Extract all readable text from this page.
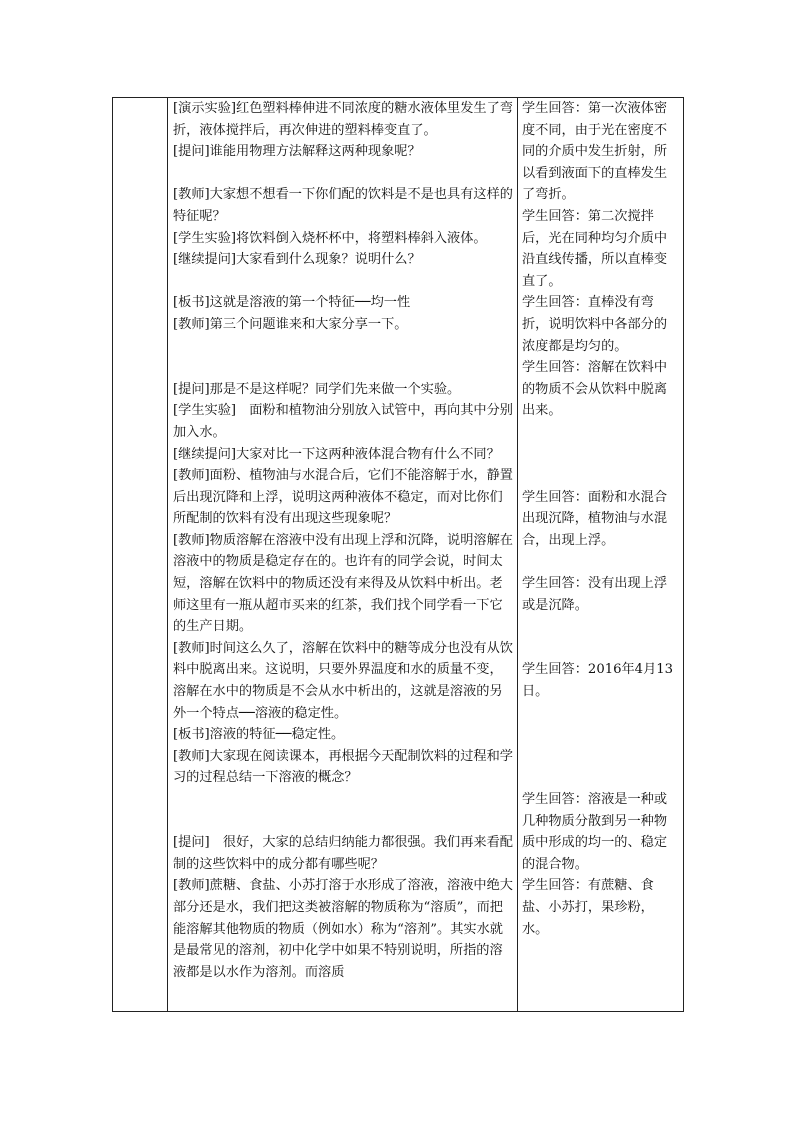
[演示实验]红色塑料棒伸进不同浓度的糖水液体里发生了弯折，液体搅拌后，再次伸进的塑料棒变直了。

[提问]谁能用物理方法解释这两种现象呢？

[教师]大家想不想看一下你们配的饮料是不是也具有这样的特征呢？

[学生实验]将饮料倒入烧杯杯中，将塑料棒斜入液体。

[继续提问]大家看到什么现象？说明什么？

[板书]这就是溶液的第一个特征──均一性

[教师]第三个问题谁来和大家分享一下。

[提问]那是不是这样呢？同学们先来做一个实验。

[学生实验]　面粉和植物油分别放入试管中，再向其中分别加入水。

[继续提问]大家对比一下这两种液体混合物有什么不同？

[教师]面粉、植物油与水混合后，它们不能溶解于水，静置后出现沉降和上浮，说明这两种液体不稳定，而对比你们所配制的饮料有没有出现这些现象呢？

[教师]物质溶解在溶液中没有出现上浮和沉降，说明溶解在溶液中的物质是稳定存在的。也许有的同学会说，时间太短，溶解在饮料中的物质还没有来得及从饮料中析出。老师这里有一瓶从超市买来的红茶，我们找个同学看一下它的生产日期。

[教师]时间这么久了，溶解在饮料中的糖等成分也没有从饮料中脱离出来。这说明，只要外界温度和水的质量不变，溶解在水中的物质是不会从水中析出的，这就是溶液的另外一个特点──溶液的稳定性。

[板书]溶液的特征──稳定性。

[教师]大家现在阅读课本，再根据今天配制饮料的过程和学习的过程总结一下溶液的概念？

[提问]　很好，大家的总结归纳能力都很强。我们再来看配制的这些饮料中的成分都有哪些呢？

[教师]蔗糖、食盐、小苏打溶于水形成了溶液，溶液中绝大部分还是水，我们把这类被溶解的物质称为“溶质”，而把能溶解其他物质的物质（例如水）称为“溶剂”。其实水就是最常见的溶剂，初中化学中如果不特别说明，所指的溶液都是以水作为溶剂。而溶质

学生回答：第一次液体密度不同，由于光在密度不同的介质中发生折射，所以看到液面下的直棒发生了弯折。

学生回答：第二次搅拌后，光在同种均匀介质中沿直线传播，所以直棒变直了。

学生回答：直棒没有弯折，说明饮料中各部分的浓度都是均匀的。

学生回答：溶解在饮料中的物质不会从饮料中脱离出来。

学生回答：面粉和水混合出现沉降，植物油与水混合，出现上浮。

学生回答：没有出现上浮或是沉降。

学生回答：2016年4月13日。

学生回答：溶液是一种或几种物质分散到另一种物质中形成的均一的、稳定的混合物。

学生回答：有蔗糖、食盐、小苏打，果珍粉，水。
